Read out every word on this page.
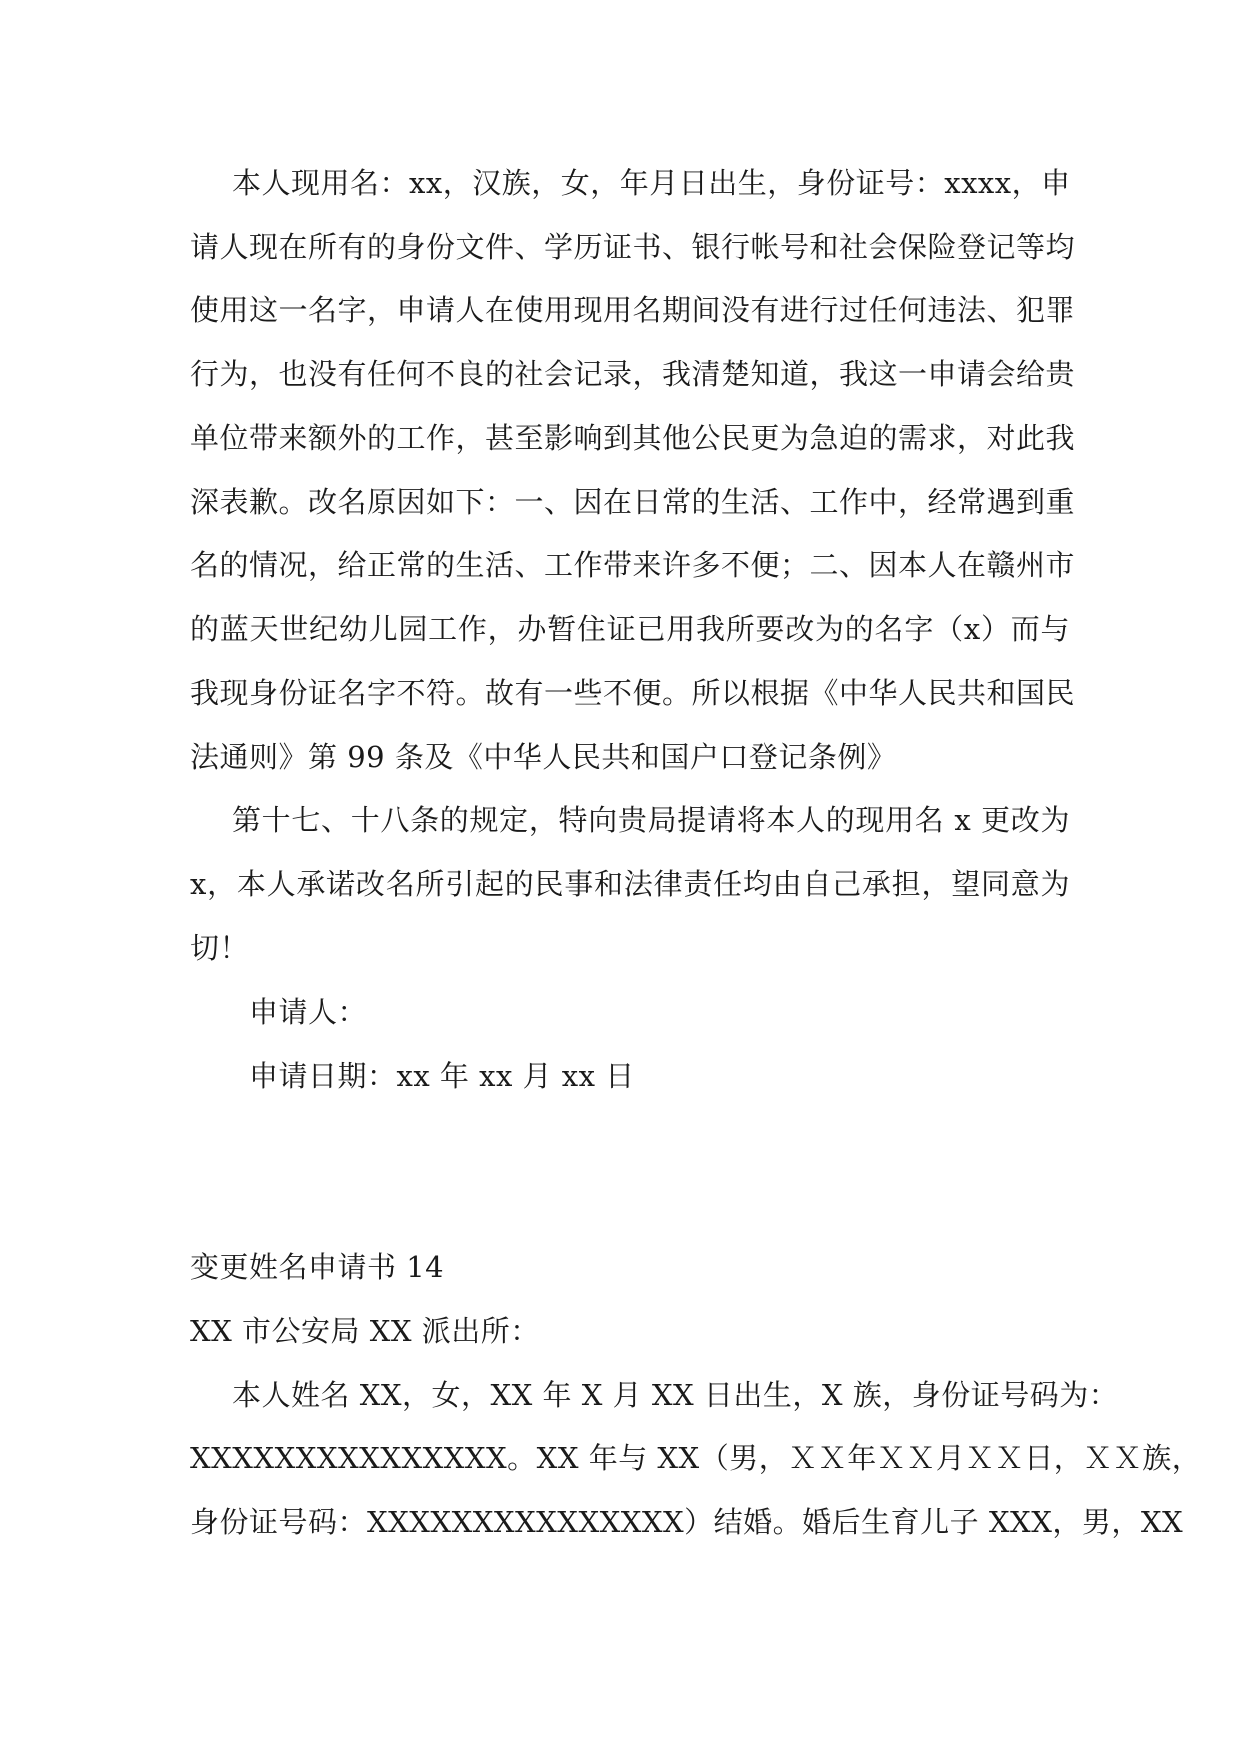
本人现用名：xx，汉族，女，年月日出生，身份证号：xxxx，申
请人现在所有的身份文件、学历证书、银行帐号和社会保险登记等均
使用这一名字，申请人在使用现用名期间没有进行过任何违法、犯罪
行为，也没有任何不良的社会记录，我清楚知道，我这一申请会给贵
单位带来额外的工作，甚至影响到其他公民更为急迫的需求，对此我
深表歉。改名原因如下：一、因在日常的生活、工作中，经常遇到重
名的情况，给正常的生活、工作带来许多不便；二、因本人在赣州市
的蓝天世纪幼儿园工作，办暂住证已用我所要改为的名字（x）而与
我现身份证名字不符。故有一些不便。所以根据《中华人民共和国民
法通则》第 99 条及《中华人民共和国户口登记条例》
第十七、十八条的规定，特向贵局提请将本人的现用名 x 更改为
x，本人承诺改名所引起的民事和法律责任均由自己承担，望同意为
切！
申请人：
申请日期：xx 年 xx 月 xx 日
变更姓名申请书 14
XX 市公安局 XX 派出所：
本人姓名 XX，女，XX 年 X 月 XX 日出生，X 族，身份证号码为：
XXXXXXXXXXXXXXX。XX 年与 XX（男，ＸＸ年ＸＸ月ＸＸ日，ＸＸ族，
身份证号码：XXXXXXXXXXXXXXX）结婚。婚后生育儿子 XXX，男，XX
